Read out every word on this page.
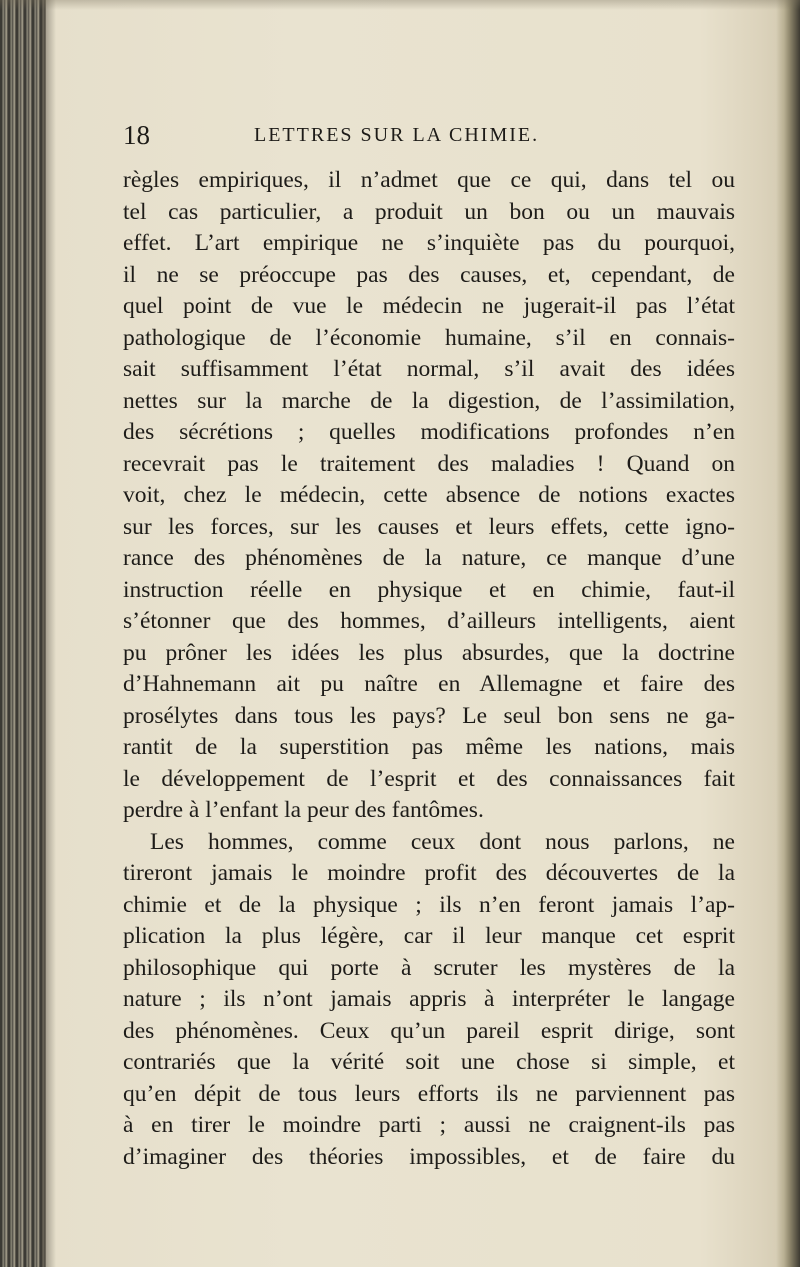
18	LETTRES SUR LA CHIMIE.
règles empiriques, il n’admet que ce qui, dans tel ou
tel cas particulier, a produit un bon ou un mauvais
effet. L’art empirique ne s’inquiète pas du pourquoi,
il ne se préoccupe pas des causes, et, cependant, de
quel point de vue le médecin ne jugerait-il pas l’état
pathologique de l’économie humaine, s’il en connais-
sait suffisamment l’état normal, s’il avait des idées
nettes sur la marche de la digestion, de l’assimilation,
des sécrétions ; quelles modifications profondes n’en
recevrait pas le traitement des maladies ! Quand on
voit, chez le médecin, cette absence de notions exactes
sur les forces, sur les causes et leurs effets, cette igno-
rance des phénomènes de la nature, ce manque d’une
instruction réelle en physique et en chimie, faut-il
s’étonner que des hommes, d’ailleurs intelligents, aient
pu prôner les idées les plus absurdes, que la doctrine
d’Hahnemann ait pu naître en Allemagne et faire des
prosélytes dans tous les pays? Le seul bon sens ne ga-
rantit de la superstition pas même les nations, mais
le développement de l’esprit et des connaissances fait
perdre à l’enfant la peur des fantômes.
Les hommes, comme ceux dont nous parlons, ne
tireront jamais le moindre profit des découvertes de la
chimie et de la physique ; ils n’en feront jamais l’ap-
plication la plus légère, car il leur manque cet esprit
philosophique qui porte à scruter les mystères de la
nature ; ils n’ont jamais appris à interpréter le langage
des phénomènes. Ceux qu’un pareil esprit dirige, sont
contrariés que la vérité soit une chose si simple, et
qu’en dépit de tous leurs efforts ils ne parviennent pas
à en tirer le moindre parti ; aussi ne craignent-ils pas
d’imaginer des théories impossibles, et de faire du
